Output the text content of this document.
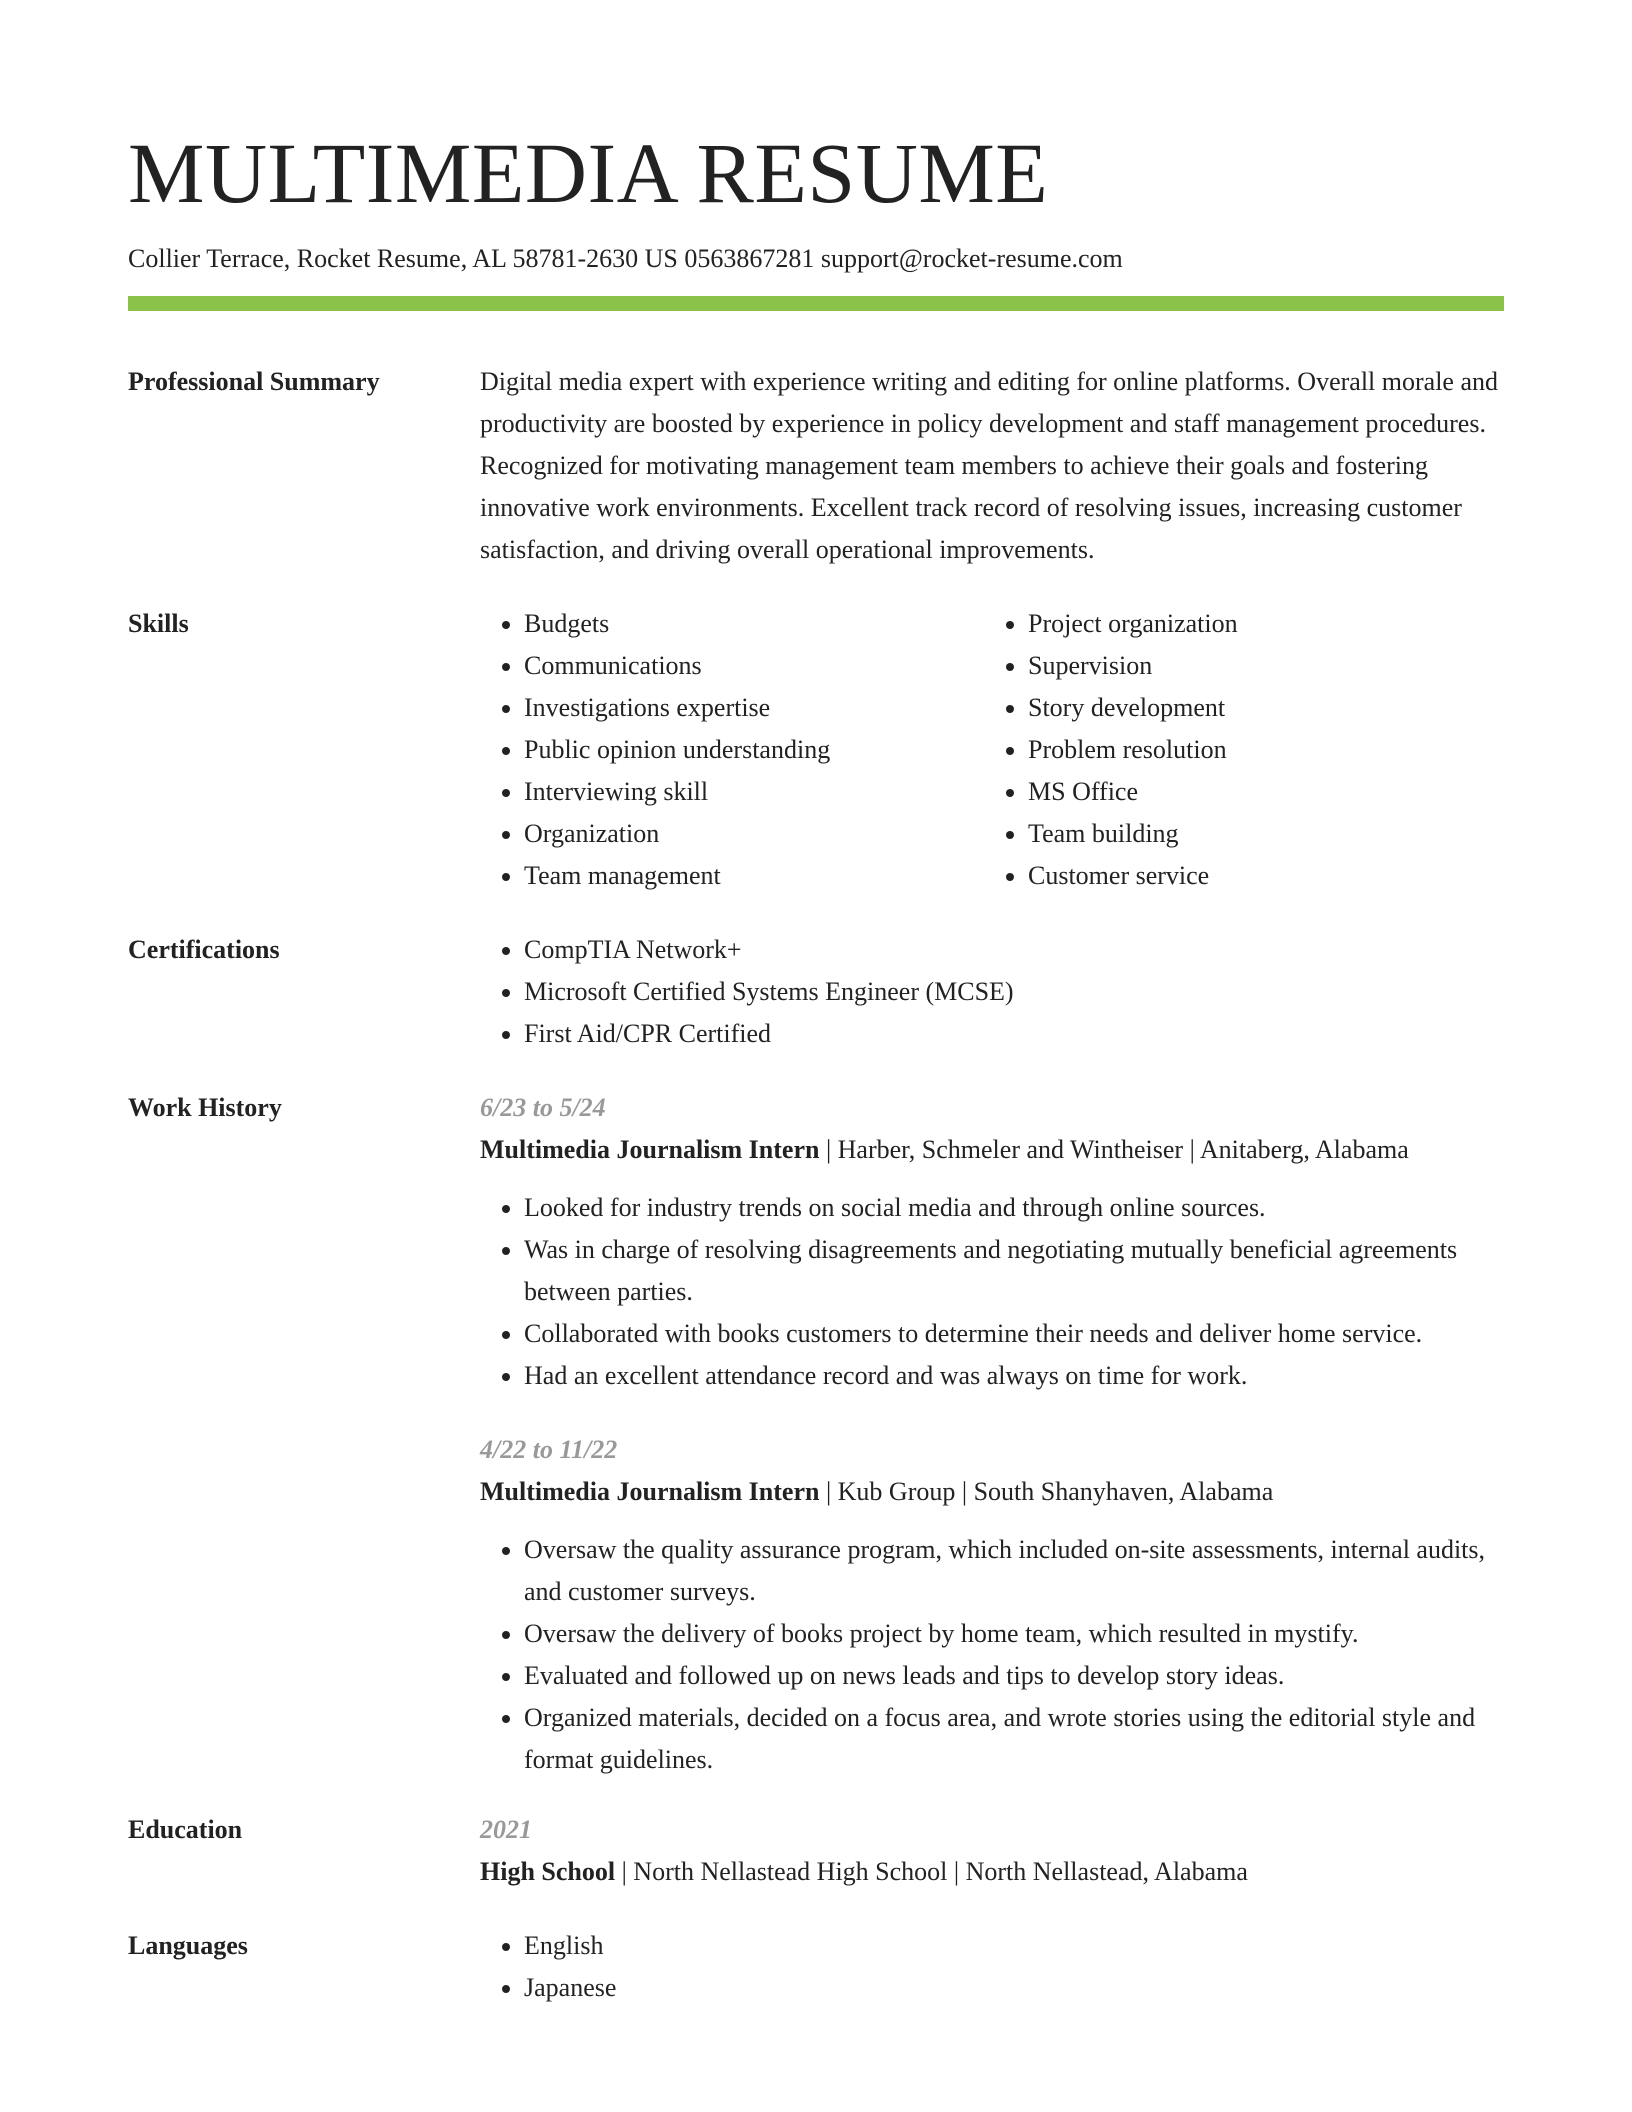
MULTIMEDIA RESUME
Collier Terrace, Rocket Resume, AL 58781-2630 US 0563867281 support@rocket-resume.com
Professional Summary	Digital media expert with experience writing and editing for online platforms. Overall morale and productivity are boosted by experience in policy development and staff management procedures. Recognized for motivating management team members to achieve their goals and fostering innovative work environments. Excellent track record of resolving issues, increasing customer satisfaction, and driving overall operational improvements.
Skills	• Budgets
• Communications
• Investigations expertise
• Public opinion understanding
• Interviewing skill
• Organization
• Team management
• Project organization
• Supervision
• Story development
• Problem resolution
• MS Office
• Team building
• Customer service
Certifications	• CompTIA Network+
• Microsoft Certified Systems Engineer (MCSE)
• First Aid/CPR Certified
Work History	6/23 to 5/24
Multimedia Journalism Intern | Harber, Schmeler and Wintheiser | Anitaberg, Alabama
• Looked for industry trends on social media and through online sources.
• Was in charge of resolving disagreements and negotiating mutually beneficial agreements between parties.
• Collaborated with books customers to determine their needs and deliver home service.
• Had an excellent attendance record and was always on time for work.
4/22 to 11/22
Multimedia Journalism Intern | Kub Group | South Shanyhaven, Alabama
• Oversaw the quality assurance program, which included on-site assessments, internal audits, and customer surveys.
• Oversaw the delivery of books project by home team, which resulted in mystify.
• Evaluated and followed up on news leads and tips to develop story ideas.
• Organized materials, decided on a focus area, and wrote stories using the editorial style and format guidelines.
Education	2021
High School | North Nellastead High School | North Nellastead, Alabama
Languages	• English
• Japanese
